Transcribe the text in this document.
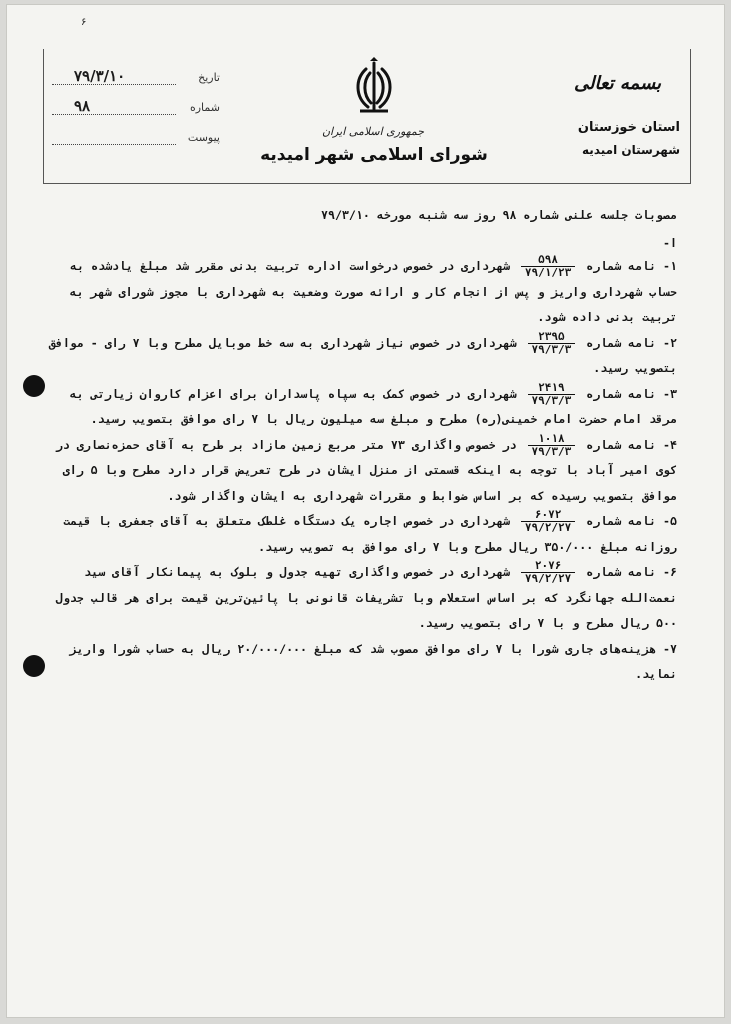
۶
تاریخ
۷۹/۳/۱۰
شماره
۹۸
پیوست	جمهوری اسلامی ایران
شورای اسلامی شهر امیدیه
بسمه تعالی
استان خوزستان
شهرستان امیدیه
مصوبات جلسه علنی شماره ۹۸ روز سه شنبه مورخه ۷۹/۳/۱۰
ا-

۱- نامه شماره
$\frac{۵۹۸}{۷۹/۱/۲۳}$
شهرداری در خصوص درخواست اداره تربیت بدنی مقرر شد مبلغ یادشده به حساب شهرداری واریز و پس از انجام کار و ارائه صورت وضعیت به شهرداری با مجوز شورای شهر به تربیت بدنی داده شود.

۲- نامه شماره
$\frac{۲۳۹۵}{۷۹/۳/۳}$
شهرداری در خصوص نیاز شهرداری به سه خط موبایل مطرح وبا ۷ رای - موافق بتصویب رسید.

۳- نامه شماره
$\frac{۲۴۱۹}{۷۹/۳/۳}$
شهرداری در خصوص کمک به سپاه پاسداران برای اعزام کاروان زیارتی به مرقد امام حضرت امام خمینی(ره) مطرح و مبلغ سه میلیون ریال با ۷ رای موافق بتصویب رسید.

۴- نامه شماره
$\frac{۱۰۱۸}{۷۹/۳/۳}$
در خصوص واگذاری ۷۳ متر مربع زمین مازاد بر طرح به آقای حمزه‌نصاری در کوی امیر آباد با توجه به اینکه قسمتی از منزل ایشان در طرح تعریض قرار دارد مطرح وبا ۵ رای موافق بتصویب رسیده که بر اساس ضوابط و مقررات شهرداری به ایشان واگذار شود.

۵- نامه شماره
$\frac{۶۰۷۲}{۷۹/۲/۲۷}$
شهرداری در خصوص اجاره یک دستگاه غلطک متعلق به آقای جعفری با قیمت روزانه مبلغ ۳۵۰/۰۰۰ ریال مطرح وبا ۷ رای موافق به تصویب رسید.

۶- نامه شماره
$\frac{۲۰۷۶}{۷۹/۲/۲۷}$
شهرداری در خصوص واگذاری تهیه جدول و بلوک به پیمانکار آقای سید نعمت‌الله جهانگرد که بر اساس استعلام وبا تشریفات قانونی با پائین‌ترین قیمت برای هر قالب جدول ۵۰۰ ریال مطرح و با ۷ رای بتصویب رسید.

۷- هزینه‌های جاری شورا با ۷ رای موافق مصوب شد که مبلغ ۲۰/۰۰۰/۰۰۰ ریال به حساب شورا واریز نماید.
